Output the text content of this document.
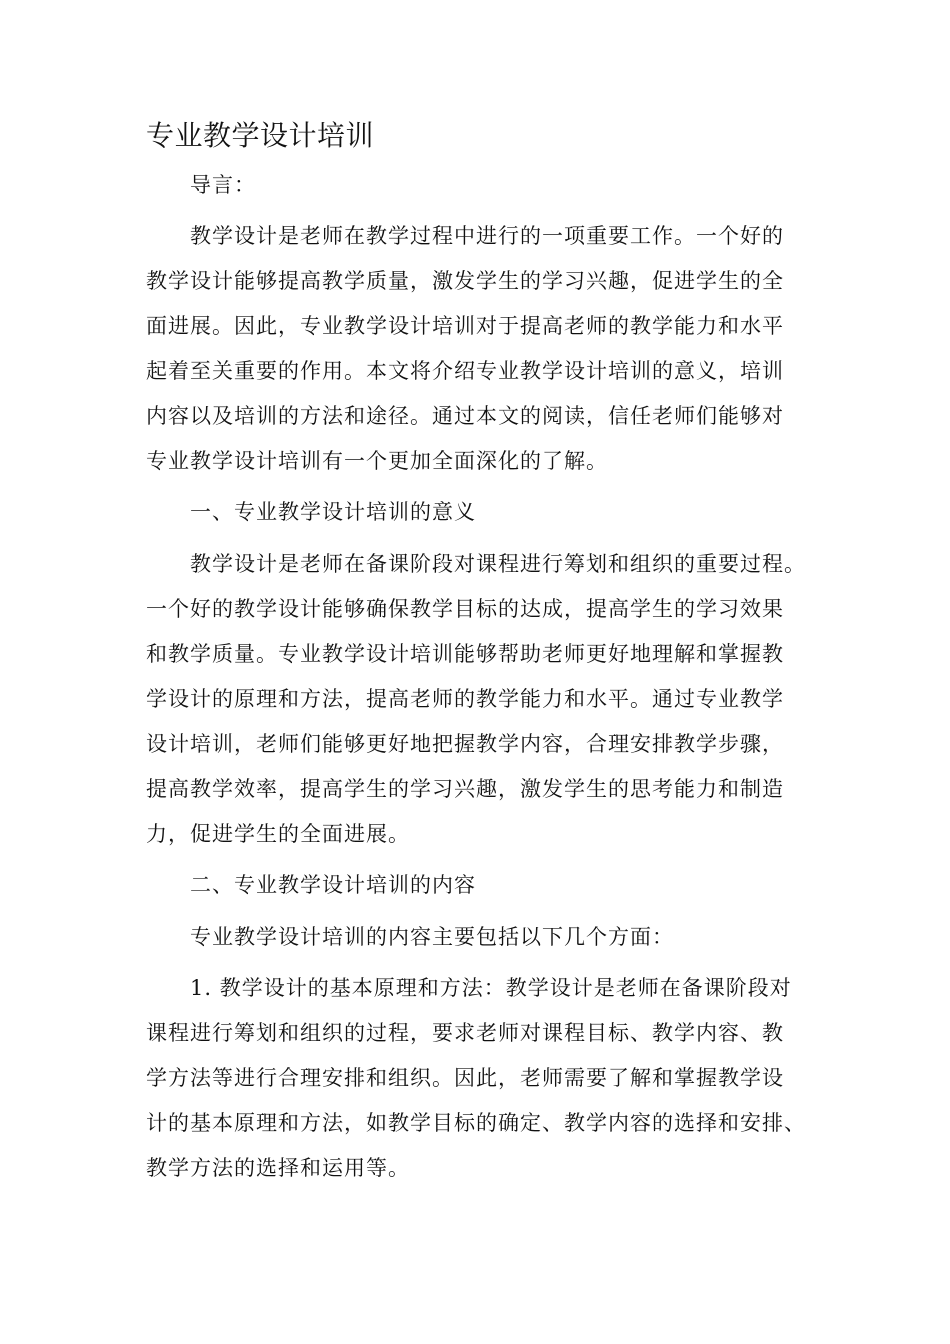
专业教学设计培训

导言：

教学设计是老师在教学过程中进行的一项重要工作。一个好的

教学设计能够提高教学质量，激发学生的学习兴趣，促进学生的全

面进展。因此，专业教学设计培训对于提高老师的教学能力和水平

起着至关重要的作用。本文将介绍专业教学设计培训的意义，培训

内容以及培训的方法和途径。通过本文的阅读，信任老师们能够对

专业教学设计培训有一个更加全面深化的了解。

一、专业教学设计培训的意义

教学设计是老师在备课阶段对课程进行筹划和组织的重要过程。

一个好的教学设计能够确保教学目标的达成，提高学生的学习效果

和教学质量。专业教学设计培训能够帮助老师更好地理解和掌握教

学设计的原理和方法，提高老师的教学能力和水平。通过专业教学

设计培训，老师们能够更好地把握教学内容，合理安排教学步骤，

提高教学效率，提高学生的学习兴趣，激发学生的思考能力和制造

力，促进学生的全面进展。

二、专业教学设计培训的内容

专业教学设计培训的内容主要包括以下几个方面：

1. 教学设计的基本原理和方法：教学设计是老师在备课阶段对

课程进行筹划和组织的过程，要求老师对课程目标、教学内容、教

学方法等进行合理安排和组织。因此，老师需要了解和掌握教学设

计的基本原理和方法，如教学目标的确定、教学内容的选择和安排、

教学方法的选择和运用等。
